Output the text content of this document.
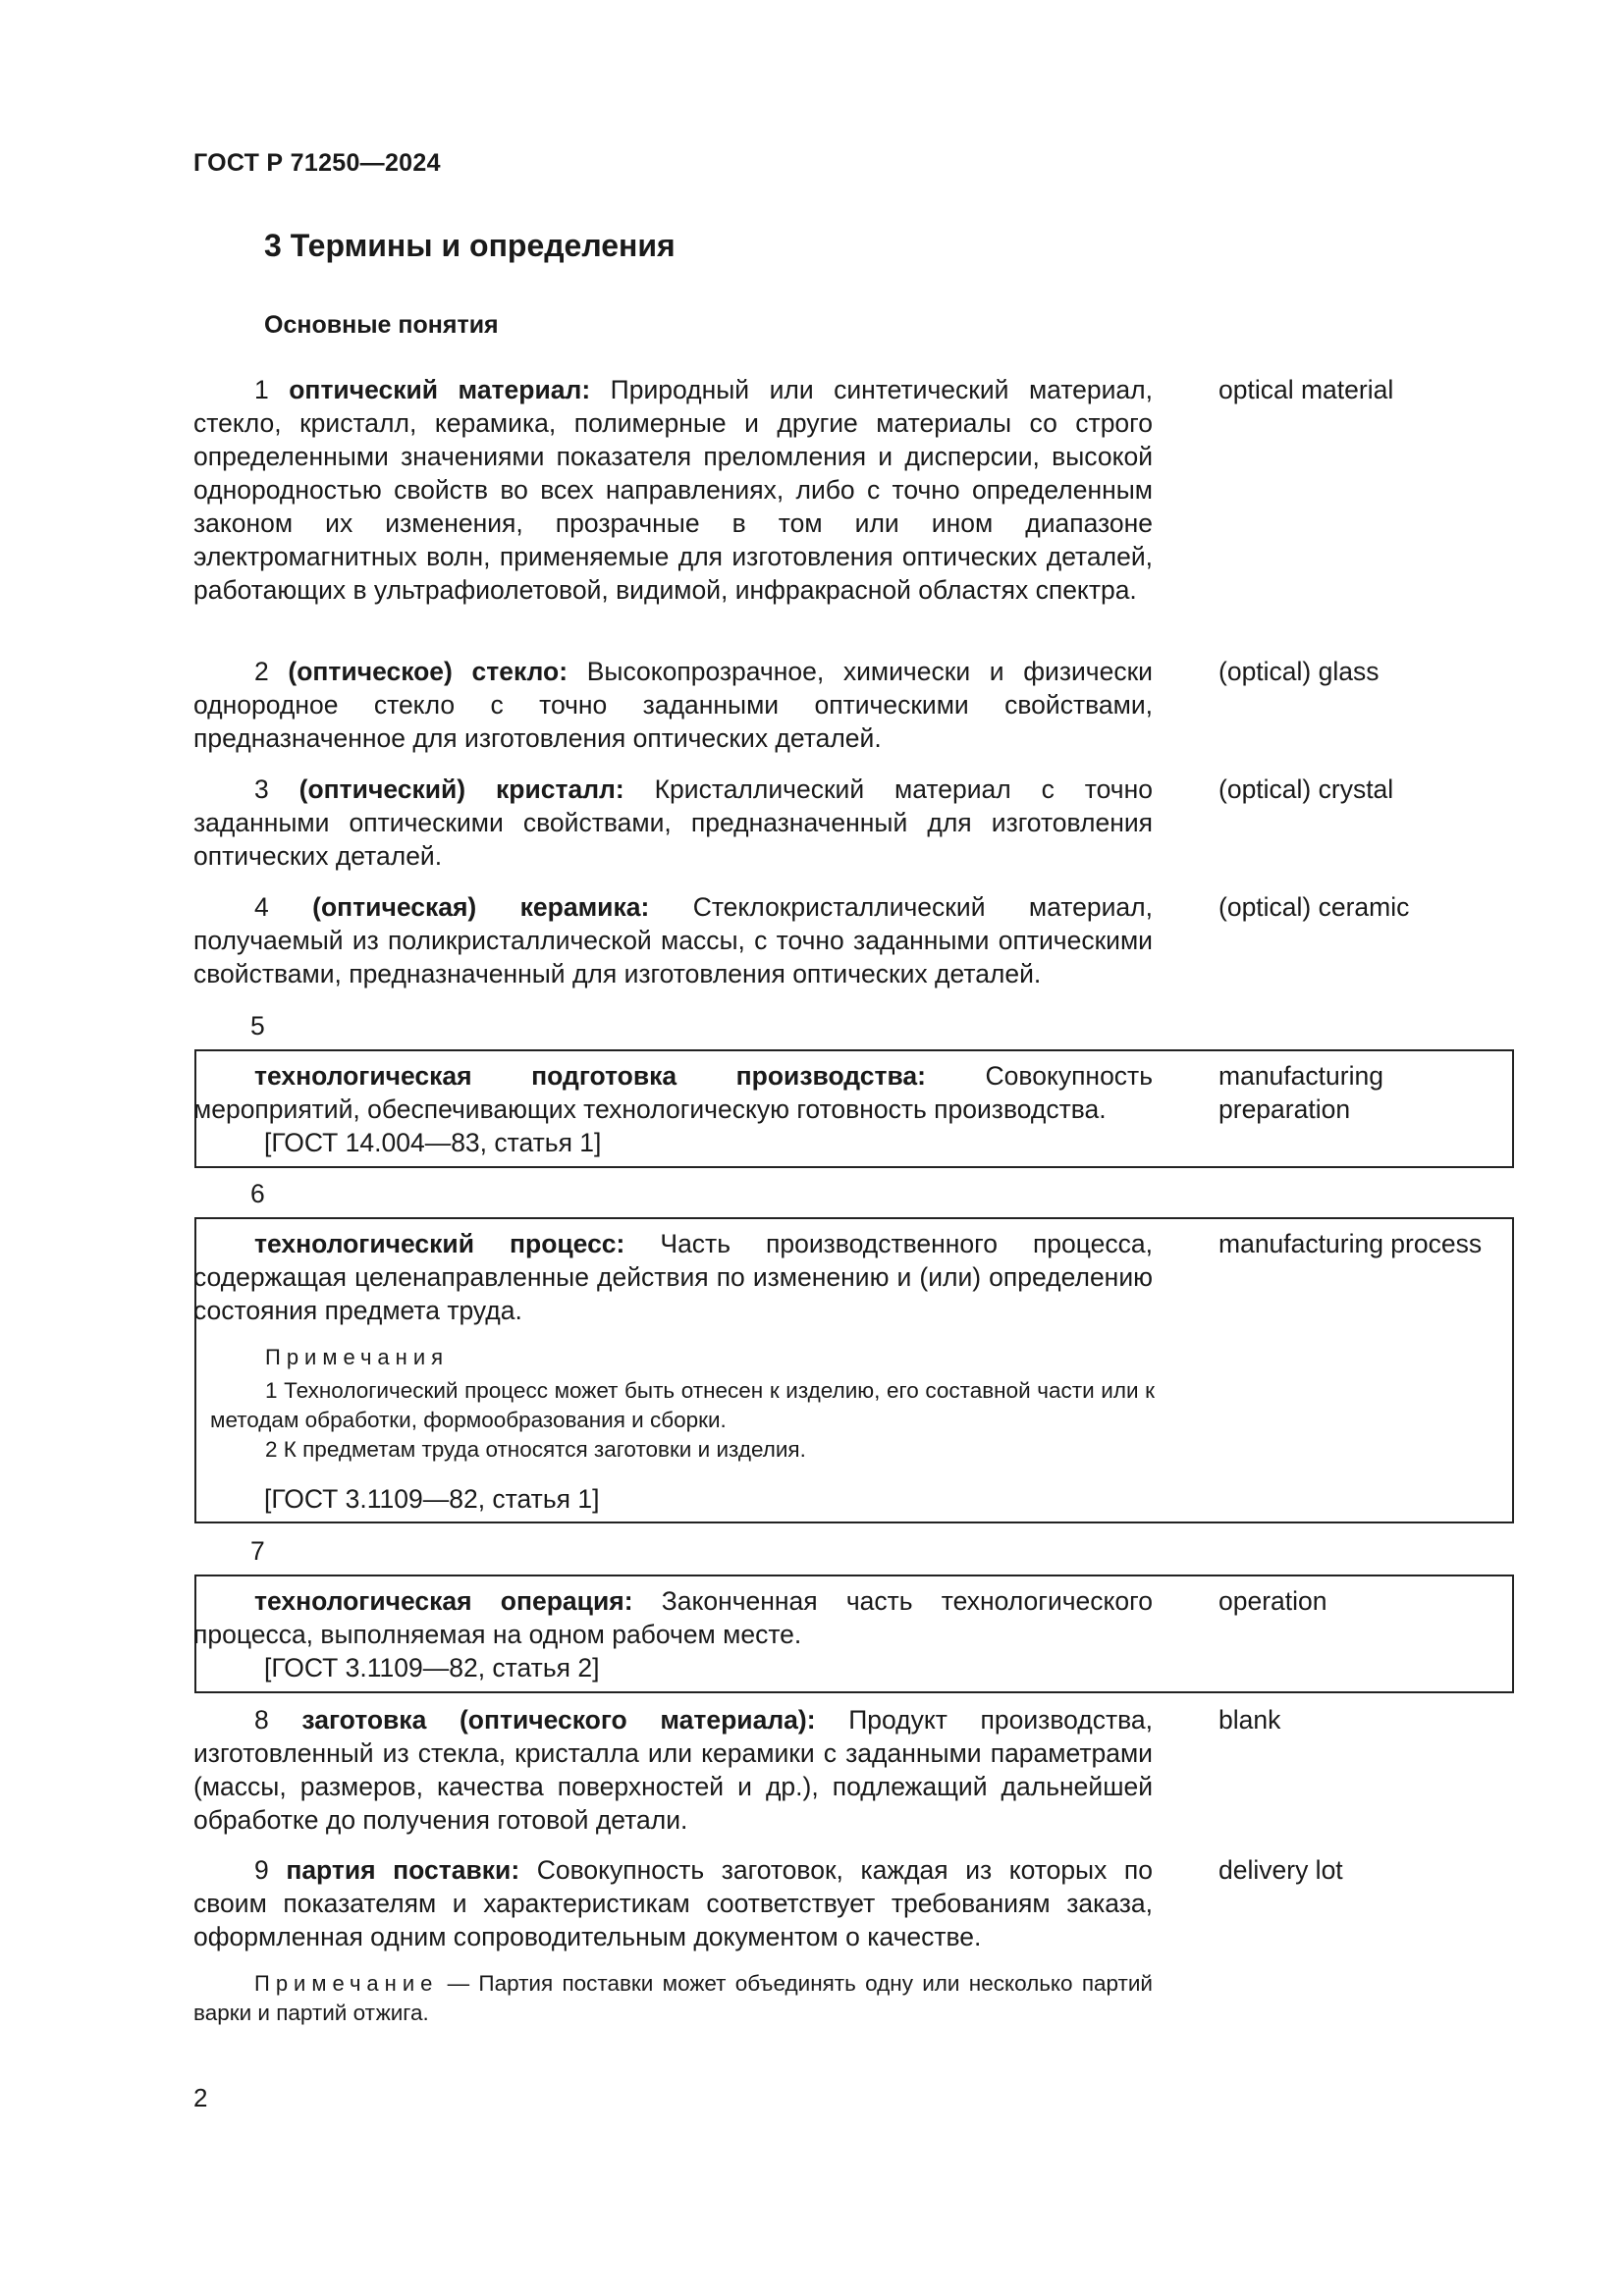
ГОСТ Р 71250—2024
3 Термины и определения
Основные понятия
1 оптический материал: Природный или синтетический материал, стекло, кристалл, керамика, полимерные и другие материалы со строго определенными значениями показателя преломления и дисперсии, высокой однородностью свойств во всех направлениях, либо с точно определенным законом их изменения, прозрачные в том или ином диапазоне электромагнитных волн, применяемые для изготовления оптических деталей, работающих в ультрафиолетовой, видимой, инфракрасной областях спектра.
optical material
2 (оптическое) стекло: Высокопрозрачное, химически и физически однородное стекло с точно заданными оптическими свойствами, предназначенное для изготовления оптических деталей.
(optical) glass
3 (оптический) кристалл: Кристаллический материал с точно заданными оптическими свойствами, предназначенный для изготовления оптических деталей.
(optical) crystal
4 (оптическая) керамика: Стеклокристаллический материал, получаемый из поликристаллической массы, с точно заданными оптическими свойствами, предназначенный для изготовления оптических деталей.
(optical) ceramic
5
технологическая подготовка производства: Совокупность мероприятий, обеспечивающих технологическую готовность производства.
[ГОСТ 14.004—83, статья 1]
manufacturing preparation
6
технологический процесс: Часть производственного процесса, содержащая целенаправленные действия по изменению и (или) определению состояния предмета труда.
manufacturing process
Примечания
1 Технологический процесс может быть отнесен к изделию, его составной части или к методам обработки, формообразования и сборки.
2 К предметам труда относятся заготовки и изделия.
[ГОСТ 3.1109—82, статья 1]
7
технологическая операция: Законченная часть технологического процесса, выполняемая на одном рабочем месте.
[ГОСТ 3.1109—82, статья 2]
operation
8 заготовка (оптического материала): Продукт производства, изготовленный из стекла, кристалла или керамики с заданными параметрами (массы, размеров, качества поверхностей и др.), подлежащий дальнейшей обработке до получения готовой детали.
blank
9 партия поставки: Совокупность заготовок, каждая из которых по своим показателям и характеристикам соответствует требованиям заказа, оформленная одним сопроводительным документом о качестве.
delivery lot
Примечание — Партия поставки может объединять одну или несколько партий варки и партий отжига.
2
